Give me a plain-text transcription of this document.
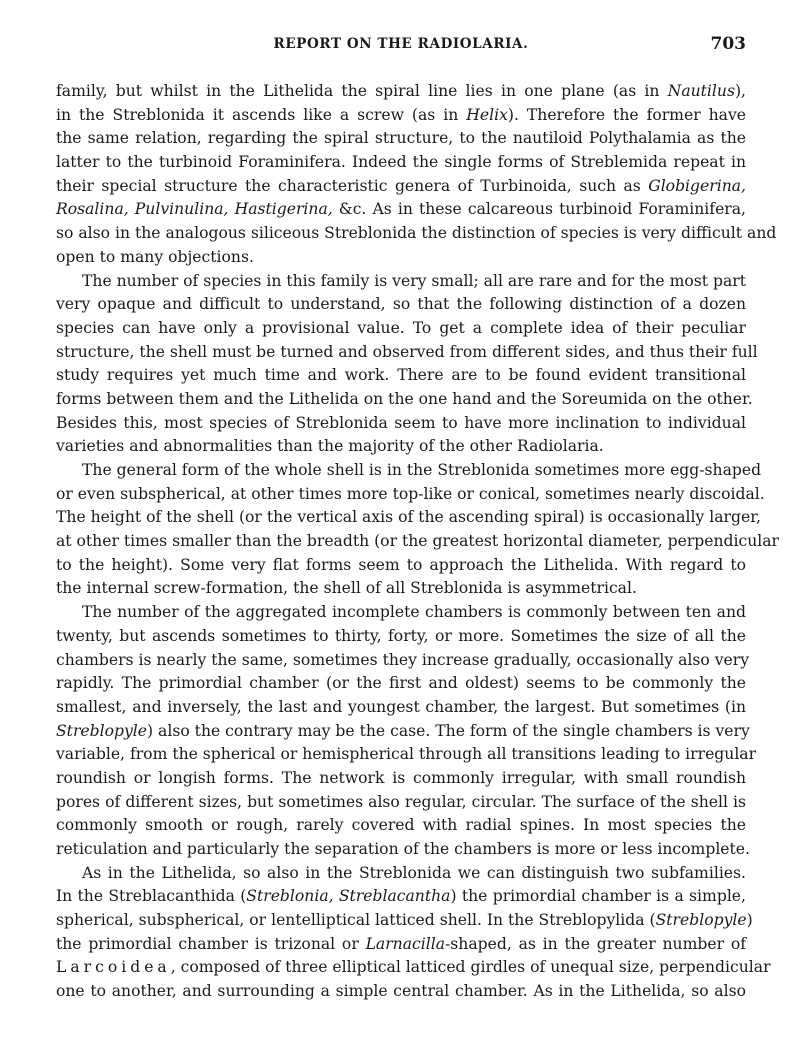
REPORT ON THE RADIOLARIA.	703
family, but whilst in the Lithelida the spiral line lies in one plane (as in Nautilus),
in the Streblonida it ascends like a screw (as in Helix). Therefore the former have
the same relation, regarding the spiral structure, to the nautiloid Polythalamia as the
latter to the turbinoid Foraminifera. Indeed the single forms of Streblemida repeat in
their special structure the characteristic genera of Turbinoida, such as Globigerina,
Rosalina, Pulvinulina, Hastigerina, &c. As in these calcareous turbinoid Foraminifera,
so also in the analogous siliceous Streblonida the distinction of species is very difficult and
open to many objections.
The number of species in this family is very small; all are rare and for the most part
very opaque and difficult to understand, so that the following distinction of a dozen
species can have only a provisional value. To get a complete idea of their peculiar
structure, the shell must be turned and observed from different sides, and thus their full
study requires yet much time and work. There are to be found evident transitional
forms between them and the Lithelida on the one hand and the Soreumida on the other.
Besides this, most species of Streblonida seem to have more inclination to individual
varieties and abnormalities than the majority of the other Radiolaria.
The general form of the whole shell is in the Streblonida sometimes more egg-shaped
or even subspherical, at other times more top-like or conical, sometimes nearly discoidal.
The height of the shell (or the vertical axis of the ascending spiral) is occasionally larger,
at other times smaller than the breadth (or the greatest horizontal diameter, perpendicular
to the height). Some very flat forms seem to approach the Lithelida. With regard to
the internal screw-formation, the shell of all Streblonida is asymmetrical.
The number of the aggregated incomplete chambers is commonly between ten and
twenty, but ascends sometimes to thirty, forty, or more. Sometimes the size of all the
chambers is nearly the same, sometimes they increase gradually, occasionally also very
rapidly. The primordial chamber (or the first and oldest) seems to be commonly the
smallest, and inversely, the last and youngest chamber, the largest. But sometimes (in
Streblopyle) also the contrary may be the case. The form of the single chambers is very
variable, from the spherical or hemispherical through all transitions leading to irregular
roundish or longish forms. The network is commonly irregular, with small roundish
pores of different sizes, but sometimes also regular, circular. The surface of the shell is
commonly smooth or rough, rarely covered with radial spines. In most species the
reticulation and particularly the separation of the chambers is more or less incomplete.
As in the Lithelida, so also in the Streblonida we can distinguish two subfamilies.
In the Streblacanthida (Streblonia, Streblacantha) the primordial chamber is a simple,
spherical, subspherical, or lentelliptical latticed shell. In the Streblopylida (Streblopyle)
the primordial chamber is trizonal or Larnacilla-shaped, as in the greater number of
Larcoidea, composed of three elliptical latticed girdles of unequal size, perpendicular
one to another, and surrounding a simple central chamber. As in the Lithelida, so also
